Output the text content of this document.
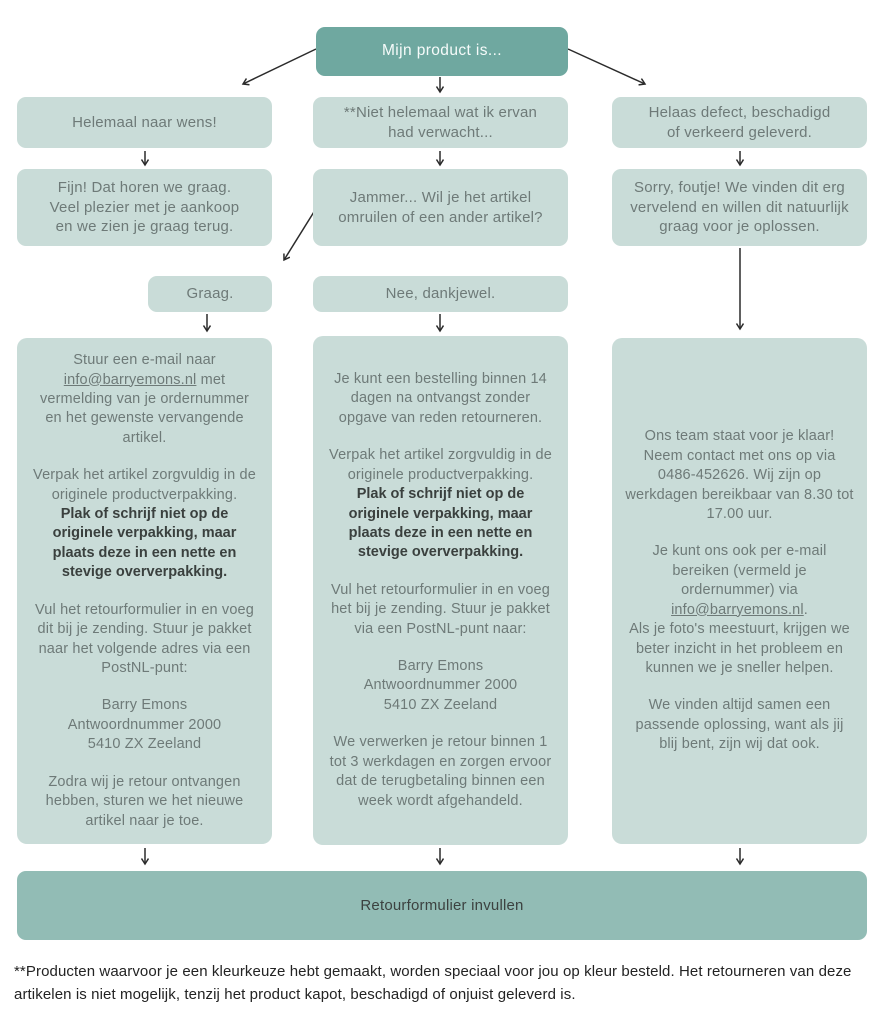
Mijn product is...
Helemaal naar wens!
**Niet helemaal wat ik ervan had verwacht...
Helaas defect, beschadigd of verkeerd geleverd.
Fijn! Dat horen we graag. Veel plezier met je aankoop en we zien je graag terug.
Jammer... Wil je het artikel omruilen of een ander artikel?
Sorry, foutje! We vinden dit erg vervelend en willen dit natuurlijk graag voor je oplossen.
Graag.	Nee, dankjewel.

Stuur een e-mail naar info@barryemons.nl met vermelding van je ordernummer en het gewenste vervangende artikel.

Verpak het artikel zorgvuldig in de originele productverpakking.
Plak of schrijf niet op de originele verpakking, maar plaats deze in een nette en stevige oververpakking.

Vul het retourformulier in en voeg dit bij je zending. Stuur je pakket naar het volgende adres via een PostNL-punt:

Barry Emons
Antwoordnummer 2000
5410 ZX Zeeland

Zodra wij je retour ontvangen hebben, sturen we het nieuwe artikel naar je toe.

Je kunt een bestelling binnen 14 dagen na ontvangst zonder opgave van reden retourneren.

Verpak het artikel zorgvuldig in de originele productverpakking.
Plak of schrijf niet op de originele verpakking, maar plaats deze in een nette en stevige oververpakking.

Vul het retourformulier in en voeg het bij je zending. Stuur je pakket via een PostNL-punt naar:

Barry Emons
Antwoordnummer 2000
5410 ZX Zeeland

We verwerken je retour binnen 1 tot 3 werkdagen en zorgen ervoor dat de terugbetaling binnen een week wordt afgehandeld.

Ons team staat voor je klaar! Neem contact met ons op via 0486-452626. Wij zijn op werkdagen bereikbaar van 8.30 tot 17.00 uur.

Je kunt ons ook per e-mail bereiken (vermeld je ordernummer) via info@barryemons.nl.
Als je foto's meestuurt, krijgen we beter inzicht in het probleem en kunnen we je sneller helpen.

We vinden altijd samen een passende oplossing, want als jij blij bent, zijn wij dat ook.

Retourformulier invullen
**Producten waarvoor je een kleurkeuze hebt gemaakt, worden speciaal voor jou op kleur besteld. Het retourneren van deze artikelen is niet mogelijk, tenzij het product kapot, beschadigd of onjuist geleverd is.
